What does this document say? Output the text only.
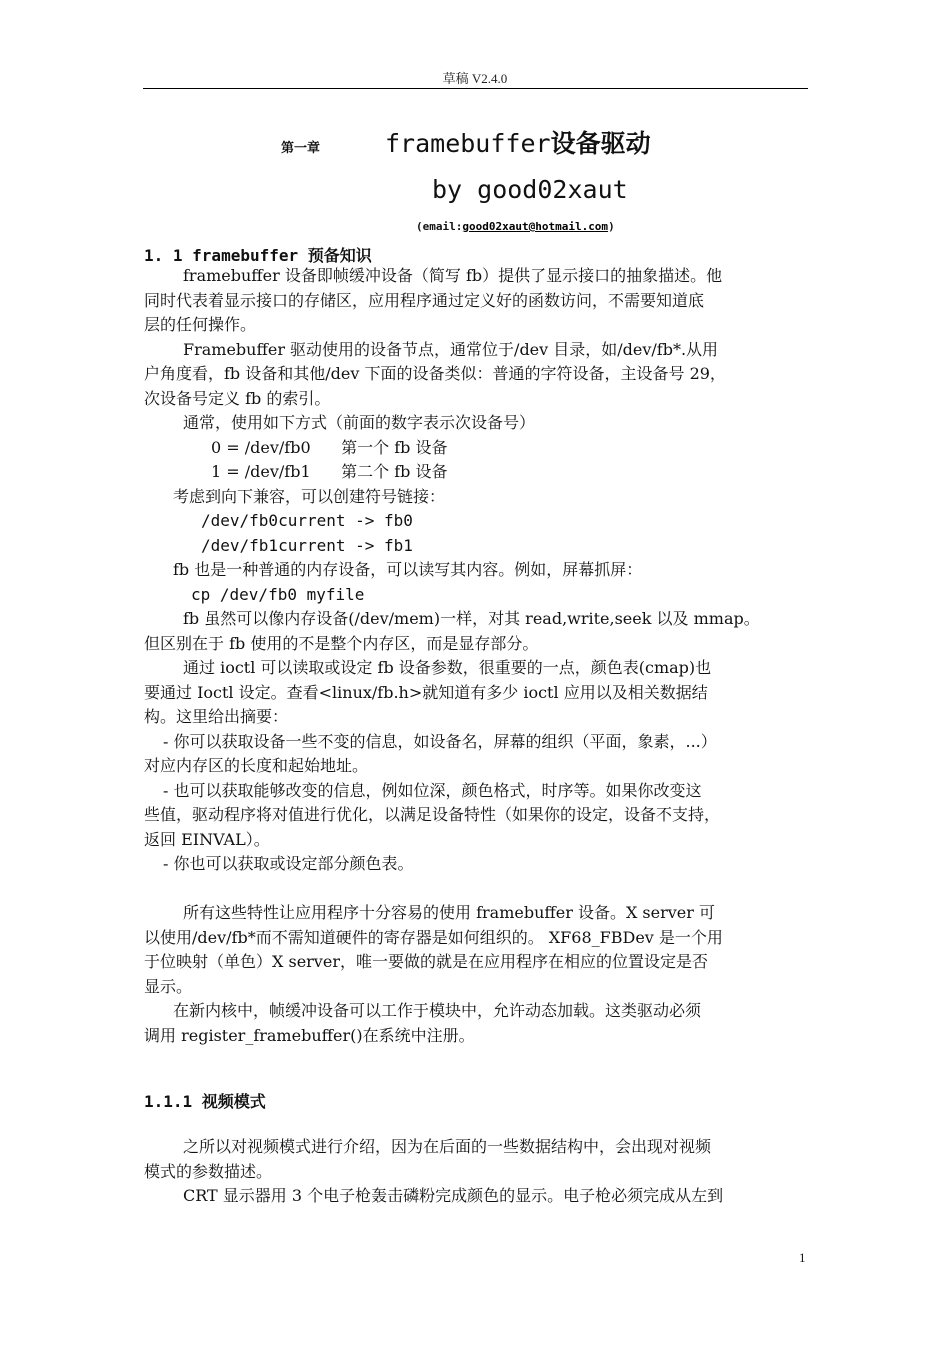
草稿 V2.4.0
第一章	framebuffer设备驱动
by good02xaut
(email:good02xaut@hotmail.com)
1. 1 framebuffer 预备知识
framebuffer 设备即帧缓冲设备（简写 fb）提供了显示接口的抽象描述。他
同时代表着显示接口的存储区，应用程序通过定义好的函数访问，不需要知道底
层的任何操作。
Framebuffer 驱动使用的设备节点，通常位于/dev 目录，如/dev/fb*.从用
户角度看，fb 设备和其他/dev 下面的设备类似：普通的字符设备，主设备号 29，
次设备号定义 fb 的索引。
通常，使用如下方式（前面的数字表示次设备号）
0 = /dev/fb0      第一个 fb 设备
1 = /dev/fb1      第二个 fb 设备
考虑到向下兼容，可以创建符号链接：
/dev/fb0current -> fb0
/dev/fb1current -> fb1
fb 也是一种普通的内存设备，可以读写其内容。例如，屏幕抓屏：
cp /dev/fb0 myfile
fb 虽然可以像内存设备(/dev/mem)一样，对其 read,write,seek 以及 mmap。
但区别在于 fb 使用的不是整个内存区，而是显存部分。
通过 ioctl 可以读取或设定 fb 设备参数，很重要的一点，颜色表(cmap)也
要通过 Ioctl 设定。查看<linux/fb.h>就知道有多少 ioctl 应用以及相关数据结
构。这里给出摘要：
- 你可以获取设备一些不变的信息，如设备名，屏幕的组织（平面，象素，...）
对应内存区的长度和起始地址。
- 也可以获取能够改变的信息，例如位深，颜色格式，时序等。如果你改变这
些值，驱动程序将对值进行优化，以满足设备特性（如果你的设定，设备不支持，
返回 EINVAL）。
- 你也可以获取或设定部分颜色表。
所有这些特性让应用程序十分容易的使用 framebuffer 设备。X server 可
以使用/dev/fb*而不需知道硬件的寄存器是如何组织的。 XF68_FBDev 是一个用
于位映射（单色）X server，唯一要做的就是在应用程序在相应的位置设定是否
显示。
在新内核中，帧缓冲设备可以工作于模块中，允许动态加载。这类驱动必须
调用 register_framebuffer()在系统中注册。
1.1.1 视频模式
之所以对视频模式进行介绍，因为在后面的一些数据结构中，会出现对视频
模式的参数描述。
CRT 显示器用 3 个电子枪轰击磷粉完成颜色的显示。电子枪必须完成从左到
1
